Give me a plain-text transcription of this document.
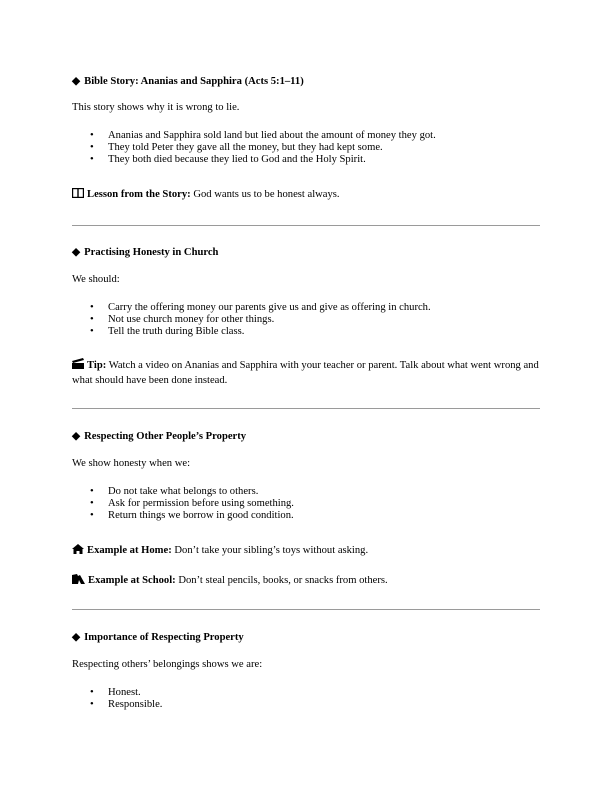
◆ Bible Story: Ananias and Sapphira (Acts 5:1–11)
This story shows why it is wrong to lie.
• Ananias and Sapphira sold land but lied about the amount of money they got.
• They told Peter they gave all the money, but they had kept some.
• They both died because they lied to God and the Holy Spirit.
Lesson from the Story: God wants us to be honest always.
◆ Practising Honesty in Church
We should:
• Carry the offering money our parents give us and give as offering in church.
• Not use church money for other things.
• Tell the truth during Bible class.
Tip: Watch a video on Ananias and Sapphira with your teacher or parent. Talk about what went wrong and what should have been done instead.
◆ Respecting Other People’s Property
We show honesty when we:
• Do not take what belongs to others.
• Ask for permission before using something.
• Return things we borrow in good condition.
Example at Home: Don’t take your sibling’s toys without asking.
Example at School: Don’t steal pencils, books, or snacks from others.
◆ Importance of Respecting Property
Respecting others’ belongings shows we are:
• Honest.
• Responsible.
